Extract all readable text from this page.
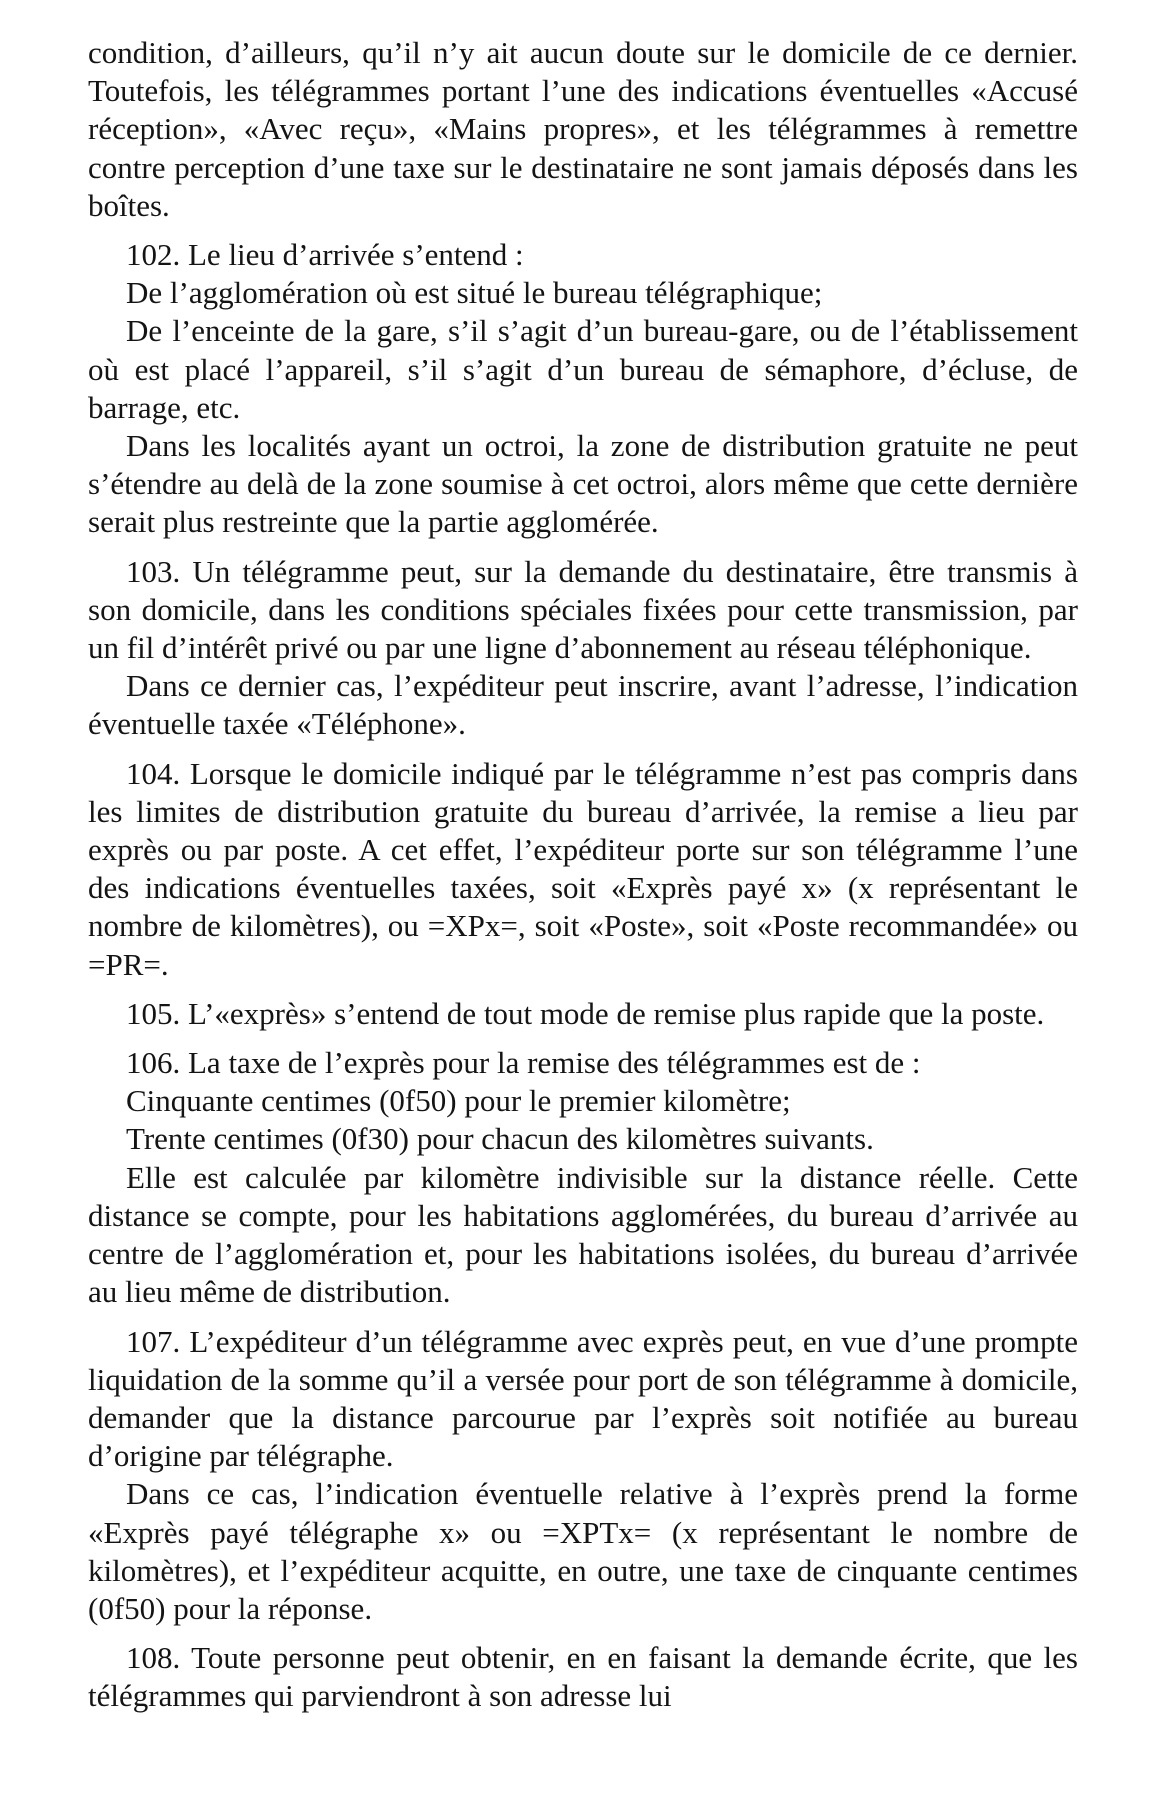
condition, d’ailleurs, qu’il n’y ait aucun doute sur le domicile de ce dernier. Toutefois, les télégrammes portant l’une des indications éventuelles «Accusé réception», «Avec reçu», «Mains propres», et les télégrammes à remettre contre perception d’une taxe sur le destinataire ne sont jamais déposés dans les boîtes.

102. Le lieu d’arrivée s’entend :

De l’agglomération où est situé le bureau télégraphique;

De l’enceinte de la gare, s’il s’agit d’un bureau-gare, ou de l’établissement où est placé l’appareil, s’il s’agit d’un bureau de sémaphore, d’écluse, de barrage, etc.

Dans les localités ayant un octroi, la zone de distribution gratuite ne peut s’étendre au delà de la zone soumise à cet octroi, alors même que cette dernière serait plus restreinte que la partie agglomérée.

103. Un télégramme peut, sur la demande du destinataire, être transmis à son domicile, dans les conditions spéciales fixées pour cette transmission, par un fil d’intérêt privé ou par une ligne d’abonnement au réseau téléphonique.

Dans ce dernier cas, l’expéditeur peut inscrire, avant l’adresse, l’indication éventuelle taxée «Téléphone».

104. Lorsque le domicile indiqué par le télégramme n’est pas compris dans les limites de distribution gratuite du bureau d’arrivée, la remise a lieu par exprès ou par poste. A cet effet, l’expéditeur porte sur son télégramme l’une des indications éventuelles taxées, soit «Exprès payé x» (x représentant le nombre de kilomètres), ou =XPx=, soit «Poste», soit «Poste recommandée» ou =PR=.

105. L’«exprès» s’entend de tout mode de remise plus rapide que la poste.

106. La taxe de l’exprès pour la remise des télégrammes est de :

Cinquante centimes (0f50) pour le premier kilomètre;

Trente centimes (0f30) pour chacun des kilomètres suivants.

Elle est calculée par kilomètre indivisible sur la distance réelle. Cette distance se compte, pour les habitations agglomérées, du bureau d’arrivée au centre de l’agglomération et, pour les habitations isolées, du bureau d’arrivée au lieu même de distribution.

107. L’expéditeur d’un télégramme avec exprès peut, en vue d’une prompte liquidation de la somme qu’il a versée pour port de son télégramme à domicile, demander que la distance parcourue par l’exprès soit notifiée au bureau d’origine par télégraphe.

Dans ce cas, l’indication éventuelle relative à l’exprès prend la forme «Exprès payé télégraphe x» ou =XPTx= (x représentant le nombre de kilomètres), et l’expéditeur acquitte, en outre, une taxe de cinquante centimes (0f50) pour la réponse.

108. Toute personne peut obtenir, en en faisant la demande écrite, que les télégrammes qui parviendront à son adresse lui
